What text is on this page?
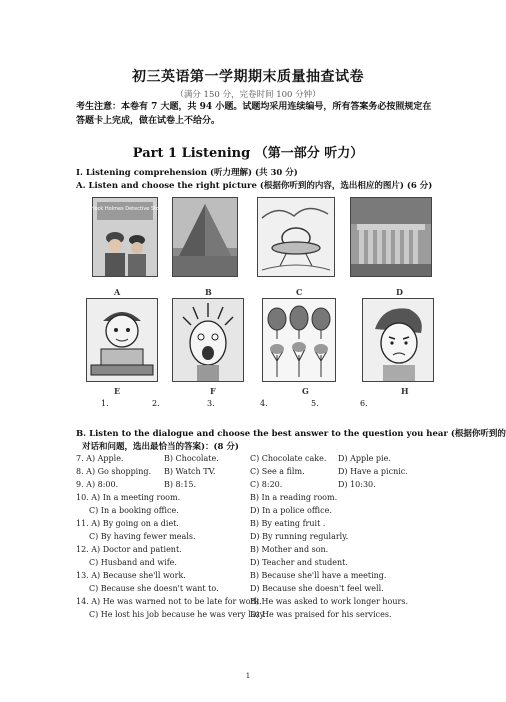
初三英语第一学期期末质量抽查试卷
（满分 150 分，完卷时间 100 分钟）
考生注意：本卷有 7 大题，共 94 小题。试题均采用连续编号，所有答案务必按照规定在答题卡上完成，做在试卷上不给分。
Part 1 Listening （第一部分 听力）
I. Listening comprehension (听力理解) (共 30 分)
A. Listen and choose the right picture (根据你听到的内容，选出相应的图片) (6 分)
Sherlock Holmes Detective Stories
A	B	C	D
E	F	G	H
1.	2.	3.	4.	5.	6.
B. Listen to the dialogue and choose the best answer to the question you hear (根据你听到的
对话和问题，选出最恰当的答案)：(8 分)
7. A) Apple.	B) Chocolate.	C) Chocolate cake. D) Apple pie.
8. A) Go shopping. B) Watch TV.	C) See a film.	D) Have a picnic.
9. A) 8:00.	B) 8:15.	C) 8:20.	D) 10:30.
10. A) In a meeting room.	B) In a reading room.
C) In a booking office.	D) In a police office.
11. A) By going on a diet.	B) By eating fruit .
C) By having fewer meals.	D) By running regularly.
12. A) Doctor and patient.	B) Mother and son.
C) Husband and wife.	D) Teacher and student.
13. A) Because she'll work.	B) Because she'll have a meeting.
C) Because she doesn't want to.	D) Because she doesn't feel well.
14. A) He was warned not to be late for work.
B) He was asked to work longer hours.
C) He lost his job because he was very lazy.
D) He was praised for his services.
1
